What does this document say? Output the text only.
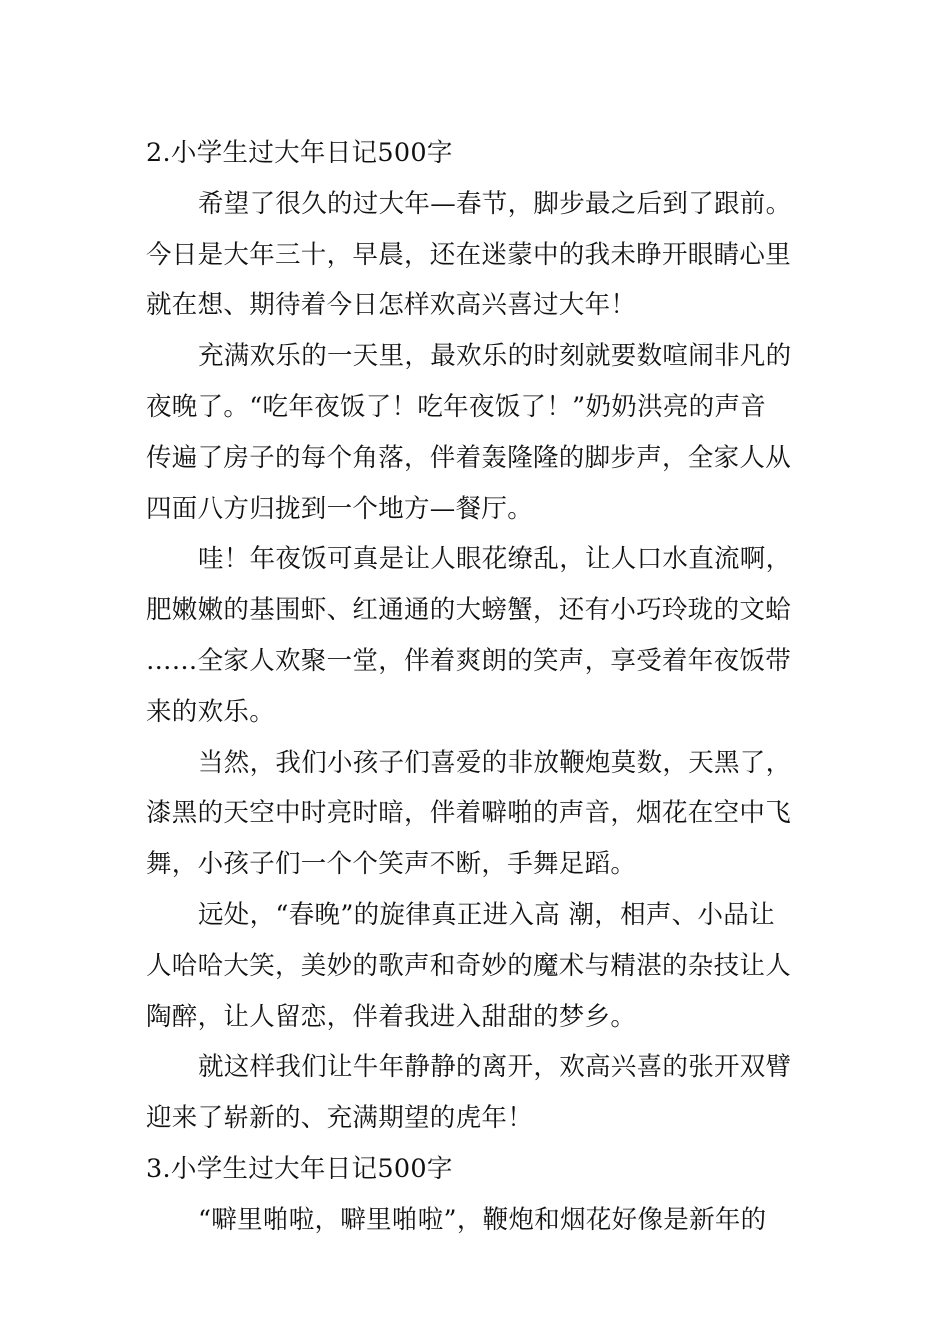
2.小学生过大年日记500字

希望了很久的过大年—春节，脚步最之后到了跟前。
今日是大年三十，早晨，还在迷蒙中的我未睁开眼睛心里
就在想、期待着今日怎样欢高兴喜过大年！

充满欢乐的一天里，最欢乐的时刻就要数喧闹非凡的
夜晚了。“吃年夜饭了！吃年夜饭了！”奶奶洪亮的声音
传遍了房子的每个角落，伴着轰隆隆的脚步声，全家人从
四面八方归拢到一个地方—餐厅。

哇！年夜饭可真是让人眼花缭乱，让人口水直流啊，
肥嫩嫩的基围虾、红通通的大螃蟹，还有小巧玲珑的文蛤
……全家人欢聚一堂，伴着爽朗的笑声，享受着年夜饭带
来的欢乐。

当然，我们小孩子们喜爱的非放鞭炮莫数，天黑了，
漆黑的天空中时亮时暗，伴着噼啪的声音，烟花在空中飞
舞，小孩子们一个个笑声不断，手舞足蹈。

远处，“春晚”的旋律真正进入高 潮，相声、小品让
人哈哈大笑，美妙的歌声和奇妙的魔术与精湛的杂技让人
陶醉，让人留恋，伴着我进入甜甜的梦乡。

就这样我们让牛年静静的离开，欢高兴喜的张开双臂
迎来了崭新的、充满期望的虎年！

3.小学生过大年日记500字

“噼里啪啦，噼里啪啦”，鞭炮和烟花好像是新年的
